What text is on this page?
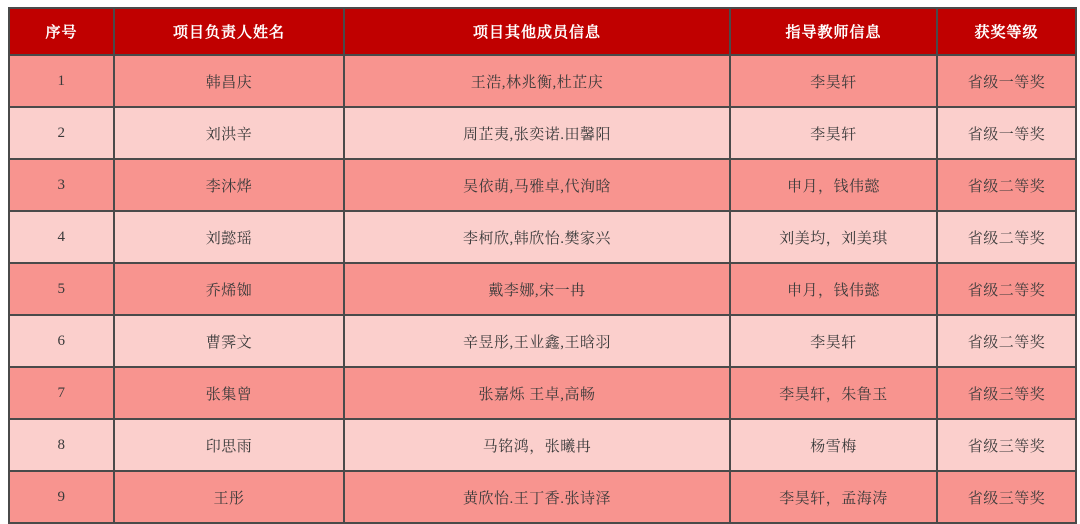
序号	项目负责人姓名	项目其他成员信息	指导教师信息	获奖等级
1	韩昌庆	王浩,林兆衡,杜芷庆	李昊轩	省级一等奖
2	刘洪辛	周芷夷,张奕诺.田馨阳	李昊轩	省级一等奖
3	李沐烨	吴依萌,马雅卓,代洵晗	申月，钱伟懿	省级二等奖
4	刘懿瑶	李柯欣,韩欣怡.樊家兴	刘美均，刘美琪	省级二等奖
5	乔烯铷	戴李娜,宋一冉	申月，钱伟懿	省级二等奖
6	曹霁文	辛昱彤,王业鑫,王晗羽	李昊轩	省级二等奖
7	张集曾	张嘉烁 王卓,高畅	李昊轩，朱鲁玉	省级三等奖
8	印思雨	马铭鸿，张曦冉	杨雪梅	省级三等奖
9	王彤	黄欣怡.王丁香.张诗泽	李昊轩，孟海涛	省级三等奖
